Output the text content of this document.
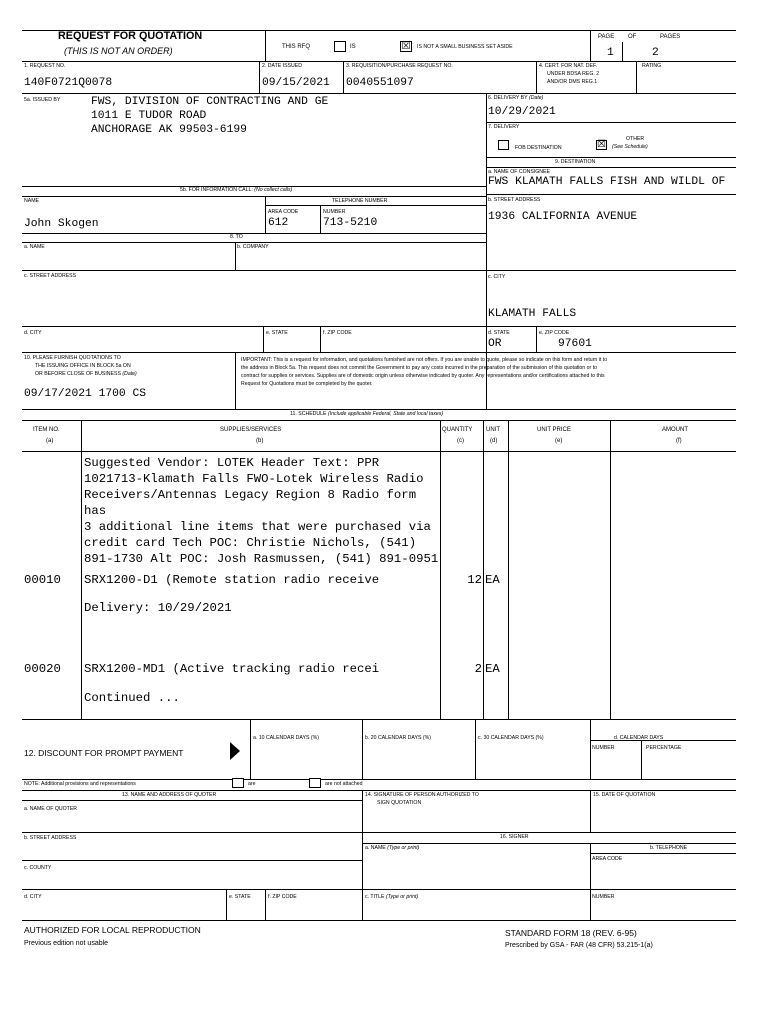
REQUEST FOR QUOTATION
(THIS IS NOT AN ORDER)	THIS RFQ	IS	☒ IS NOT A SMALL BUSINESS SET ASIDE
PAGE OF	PAGES
1	2
1. REQUEST NO.
140F0721Q0078
2. DATE ISSUED
09/15/2021
3. REQUISITION/PURCHASE REQUEST NO.
0040551097
4. CERT. FOR NAT. DEF.
UNDER BDSA REG. 2
AND/OR DMS REG.1
RATING
5a. ISSUED BY	FWS, DIVISION OF CONTRACTING AND GE
1011 E TUDOR ROAD
ANCHORAGE AK 99503-6199
6. DELIVERY BY (Date)
10/29/2021
7. DELIVERY
FOB DESTINATION	☒	OTHER
(See Schedule)
9. DESTINATION
a. NAME OF CONSIGNEE
FWS KLAMATH FALLS FISH AND WILDL OF
b. STREET ADDRESS
1936 CALIFORNIA AVENUE
c. CITY
KLAMATH FALLS
d. STATE
OR
e. ZIP CODE
97601
5b. FOR INFORMATION CALL: (No collect calls)
NAME	TELEPHONE NUMBER
John Skogen
AREA CODE
612
NUMBER
713-5210
8. TO
a. NAME	b. COMPANY
c. STREET ADDRESS
d. CITY	e. STATE	f. ZIP CODE
10. PLEASE FURNISH QUOTATIONS TO
THE ISSUING OFFICE IN BLOCK 5a ON
OR BEFORE CLOSE OF BUSINESS (Date)
09/17/2021 1700 CS
IMPORTANT: This is a request for information, and quotations furnished are not offers. If you are unable to quote, please so indicate on this form and return it to the address in Block 5a. This request does not commit the Government to pay any costs incurred in the preparation of the submission of this quotation or to contract for supplies or services. Supplies are of domestic origin unless otherwise indicated by quoter. Any representations and/or certifications attached to this Request for Quotations must be completed by the quoter.
11. SCHEDULE (Include applicable Federal, State and local taxes)
ITEM NO.
(a)
SUPPLIES/SERVICES
(b)
QUANTITY
(c)
UNIT
(d)
UNIT PRICE
(e)
AMOUNT
(f)
Suggested Vendor: LOTEK Header Text: PPR
1021713-Klamath Falls FWO-Lotek Wireless Radio
Receivers/Antennas Legacy Region 8 Radio form has
3 additional line items that were purchased via
credit card Tech POC: Christie Nichols, (541)
891-1730 Alt POC: Josh Rasmussen, (541) 891-0951
00010 SRX1200-D1 (Remote station radio receive	12 EA
Delivery: 10/29/2021
00020 SRX1200-MD1 (Active tracking radio recei	2 EA
Continued ...
12. DISCOUNT FOR PROMPT PAYMENT
a. 10 CALENDAR DAYS (%)	b. 20 CALENDAR DAYS (%)	c. 30 CALENDAR DAYS (%)	d. CALENDAR DAYS
NUMBER	PERCENTAGE
NOTE: Additional provisions and representations	are	are not attached
13. NAME AND ADDRESS OF QUOTER
a. NAME OF QUOTER
b. STREET ADDRESS
c. COUNTY
d. CITY	e. STATE	f. ZIP CODE
14. SIGNATURE OF PERSON AUTHORIZED TO
SIGN QUOTATION
15. DATE OF QUOTATION
16. SIGNER
a. NAME (Type or print)	b. TELEPHONE
AREA CODE
c. TITLE (Type or print)	NUMBER
AUTHORIZED FOR LOCAL REPRODUCTION
Previous edition not usable
STANDARD FORM 18 (REV. 6-95)
Prescribed by GSA - FAR (48 CFR) 53.215-1(a)
